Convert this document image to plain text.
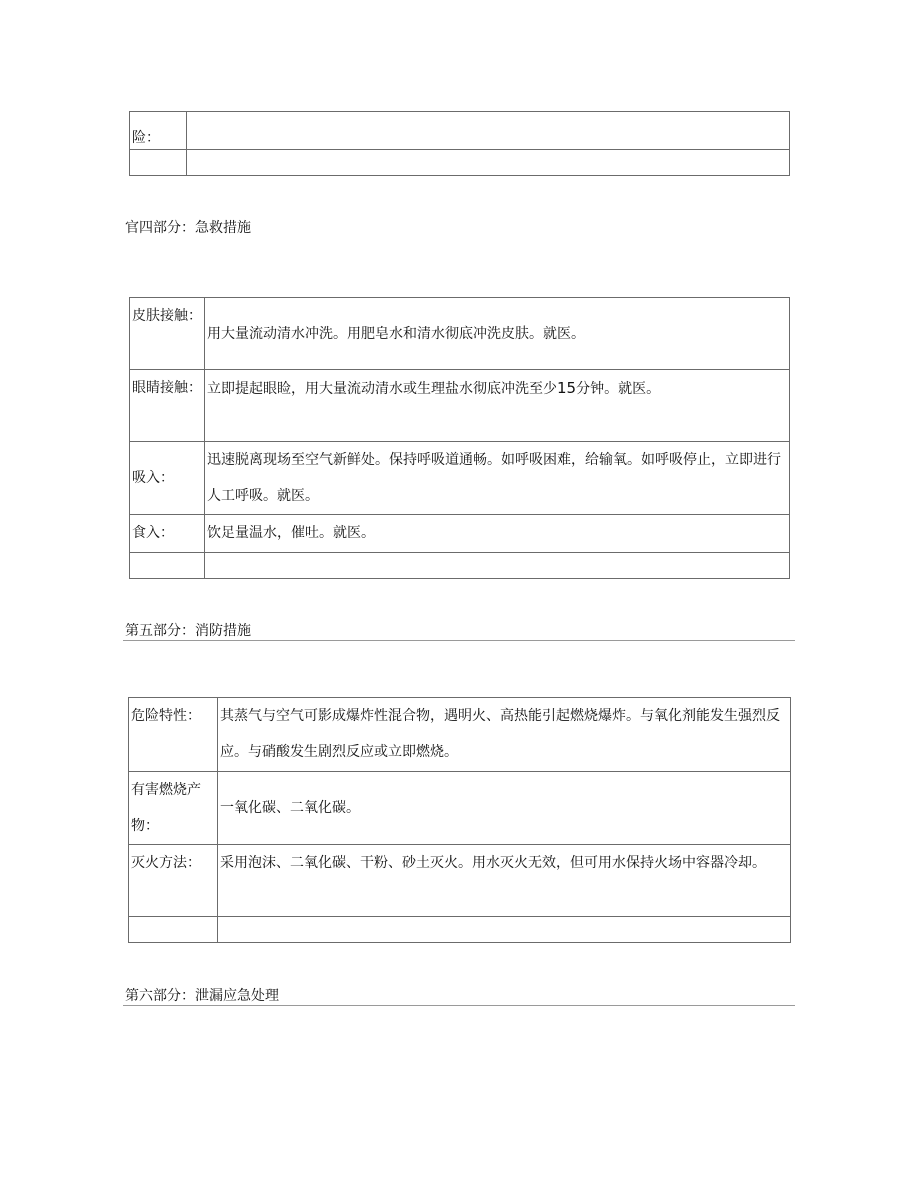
险：	

官四部分：急救措施
皮肤接触：	用大量流动清水冲洗。用肥皂水和清水彻底冲洗皮肤。就医。
眼睛接触：	立即提起眼睑，用大量流动清水或生理盐水彻底冲洗至少15分钟。就医。
吸入：	迅速脱离现场至空气新鲜处。保持呼吸道通畅。如呼吸困难，给输氧。如呼吸停止，立即进行人工呼吸。就医。
食入：	饮足量温水，催吐。就医。

第五部分：消防措施
危险特性：	其蒸气与空气可影成爆炸性混合物，遇明火、高热能引起燃烧爆炸。与氧化剂能发生强烈反应。与硝酸发生剧烈反应或立即燃烧。
有害燃烧产物：	一氧化碳、二氧化碳。
灭火方法：	采用泡沫、二氧化碳、干粉、砂土灭火。用水灭火无效，但可用水保持火场中容器冷却。

第六部分：泄漏应急处理
